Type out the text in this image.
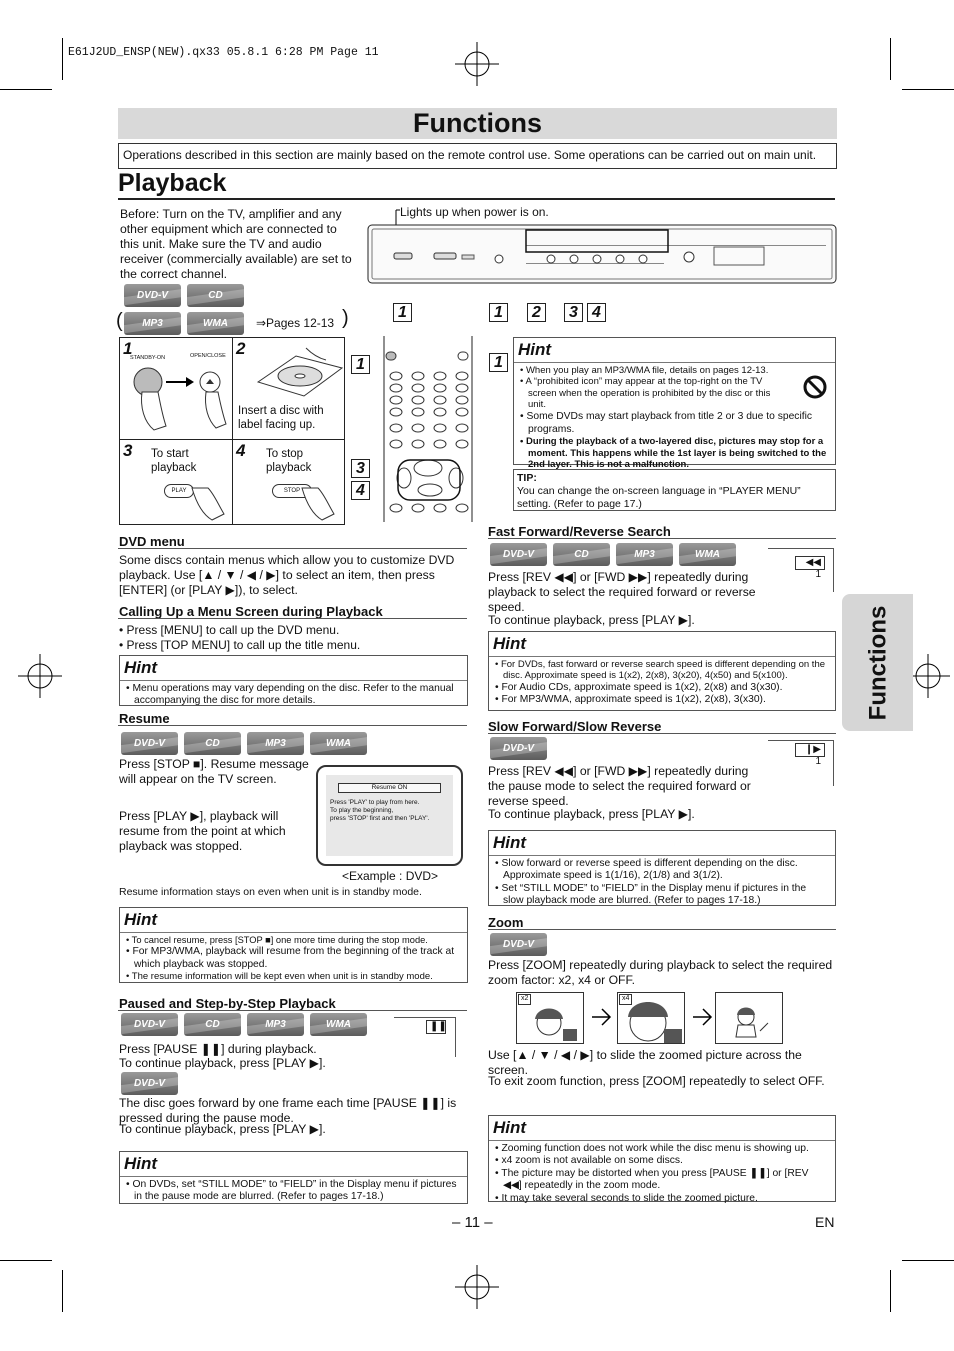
E61J2UD_ENSP(NEW).qx33 05.8.1 6:28 PM Page 11
Functions
Operations described in this section are mainly based on the remote control use. Some operations can be carried out on main unit.
Playback
Before: Turn on the TV, amplifier and any other equipment which are connected to this unit. Make sure the TV and audio receiver (commercially available) are set to the correct channel.
DVD-V	CD
(	MP3	WMA	⇒Pages 12-13 )
Lights up when power is on.
1	1	2	3 4
1
STANDBY-ON	OPEN/CLOSE 2
Insert a disc with label facing up.
3 To start playback
PLAY
4 To stop playback
STOP
1	1
3
4
Hint
• When you play an MP3/WMA file, details on pages 12-13.
• A “prohibited icon” may appear at the top-right on the TV screen when the operation is prohibited by the disc or this unit.
• Some DVDs may start playback from title 2 or 3 due to specific programs.
• During the playback of a two-layered disc, pictures may stop for a moment. This happens while the 1st layer is being switched to the 2nd layer. This is not a malfunction.
TIP:
You can change the on-screen language in “PLAYER MENU” setting. (Refer to page 17.)
DVD menu
Some discs contain menus which allow you to customize DVD playback. Use [▲ / ▼ / ◀ / ▶] to select an item, then press [ENTER] (or [PLAY ▶]), to select.
Calling Up a Menu Screen during Playback
• Press [MENU] to call up the DVD menu.
• Press [TOP MENU] to call up the title menu.
Hint
• Menu operations may vary depending on the disc. Refer to the manual accompanying the disc for more details.
Resume
DVD-V	CD	MP3	WMA
Press [STOP ■]. Resume message will appear on the TV screen.
Press [PLAY ▶], playback will resume from the point at which playback was stopped.
Resume ON
Press 'PLAY' to play from here.
To play the beginning,
press 'STOP' first and then 'PLAY'.
<Example : DVD>
Resume information stays on even when unit is in standby mode.
Hint
• To cancel resume, press [STOP ■] one more time during the stop mode.
• For MP3/WMA, playback will resume from the beginning of the track at which playback was stopped.
• The resume information will be kept even when unit is in standby mode.
Paused and Step-by-Step Playback
DVD-V	CD	MP3	WMA	❚❚
Press [PAUSE ❚❚] during playback.
To continue playback, press [PLAY ▶].
DVD-V
The disc goes forward by one frame each time [PAUSE ❚❚] is pressed during the pause mode.
To continue playback, press [PLAY ▶].
Hint
• On DVDs, set “STILL MODE” to “FIELD” in the Display menu if pictures in the pause mode are blurred. (Refer to pages 17-18.)
Fast Forward/Reverse Search
DVD-V	CD	MP3	WMA
◀◀ 1
Press [REV ◀◀] or [FWD ▶▶] repeatedly during playback to select the required forward or reverse speed.
To continue playback, press [PLAY ▶].
Hint
• For DVDs, fast forward or reverse search speed is different depending on the disc. Approximate speed is 1(x2), 2(x8), 3(x20), 4(x50) and 5(x100).
• For Audio CDs, approximate speed is 1(x2), 2(x8) and 3(x30).
• For MP3/WMA, approximate speed is 1(x2), 2(x8), 3(x30).
Slow Forward/Slow Reverse
DVD-V	❙▶ 1
Press [REV ◀◀] or [FWD ▶▶] repeatedly during the pause mode to select the required forward or reverse speed.
To continue playback, press [PLAY ▶].
Hint
• Slow forward or reverse speed is different depending on the disc. Approximate speed is 1(1/16), 2(1/8) and 3(1/2).
• Set “STILL MODE” to “FIELD” in the Display menu if pictures in the slow playback mode are blurred. (Refer to pages 17-18.)
Zoom
DVD-V
Press [ZOOM] repeatedly during playback to select the required zoom factor: x2, x4 or OFF.
x2	x4
Use [▲ / ▼ / ◀ / ▶] to slide the zoomed picture across the screen.
To exit zoom function, press [ZOOM] repeatedly to select OFF.
Hint
• Zooming function does not work while the disc menu is showing up.
• x4 zoom is not available on some discs.
• The picture may be distorted when you press [PAUSE ❚❚] or [REV ◀◀] repeatedly in the zoom mode.
• It may take several seconds to slide the zoomed picture.
Functions
– 11 –	EN
